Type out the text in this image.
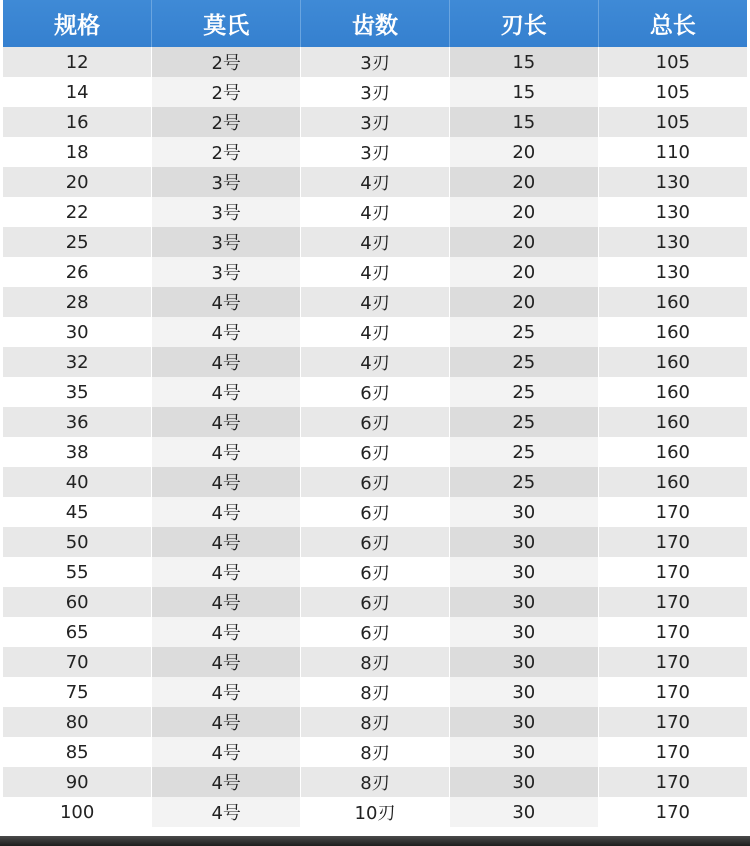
规格	莫氏	齿数	刃长	总长
12	2号	3刃	15	105
14	2号	3刃	15	105
16	2号	3刃	15	105
18	2号	3刃	20	110
20	3号	4刃	20	130
22	3号	4刃	20	130
25	3号	4刃	20	130
26	3号	4刃	20	130
28	4号	4刃	20	160
30	4号	4刃	25	160
32	4号	4刃	25	160
35	4号	6刃	25	160
36	4号	6刃	25	160
38	4号	6刃	25	160
40	4号	6刃	25	160
45	4号	6刃	30	170
50	4号	6刃	30	170
55	4号	6刃	30	170
60	4号	6刃	30	170
65	4号	6刃	30	170
70	4号	8刃	30	170
75	4号	8刃	30	170
80	4号	8刃	30	170
85	4号	8刃	30	170
90	4号	8刃	30	170
100	4号	10刃	30	170
